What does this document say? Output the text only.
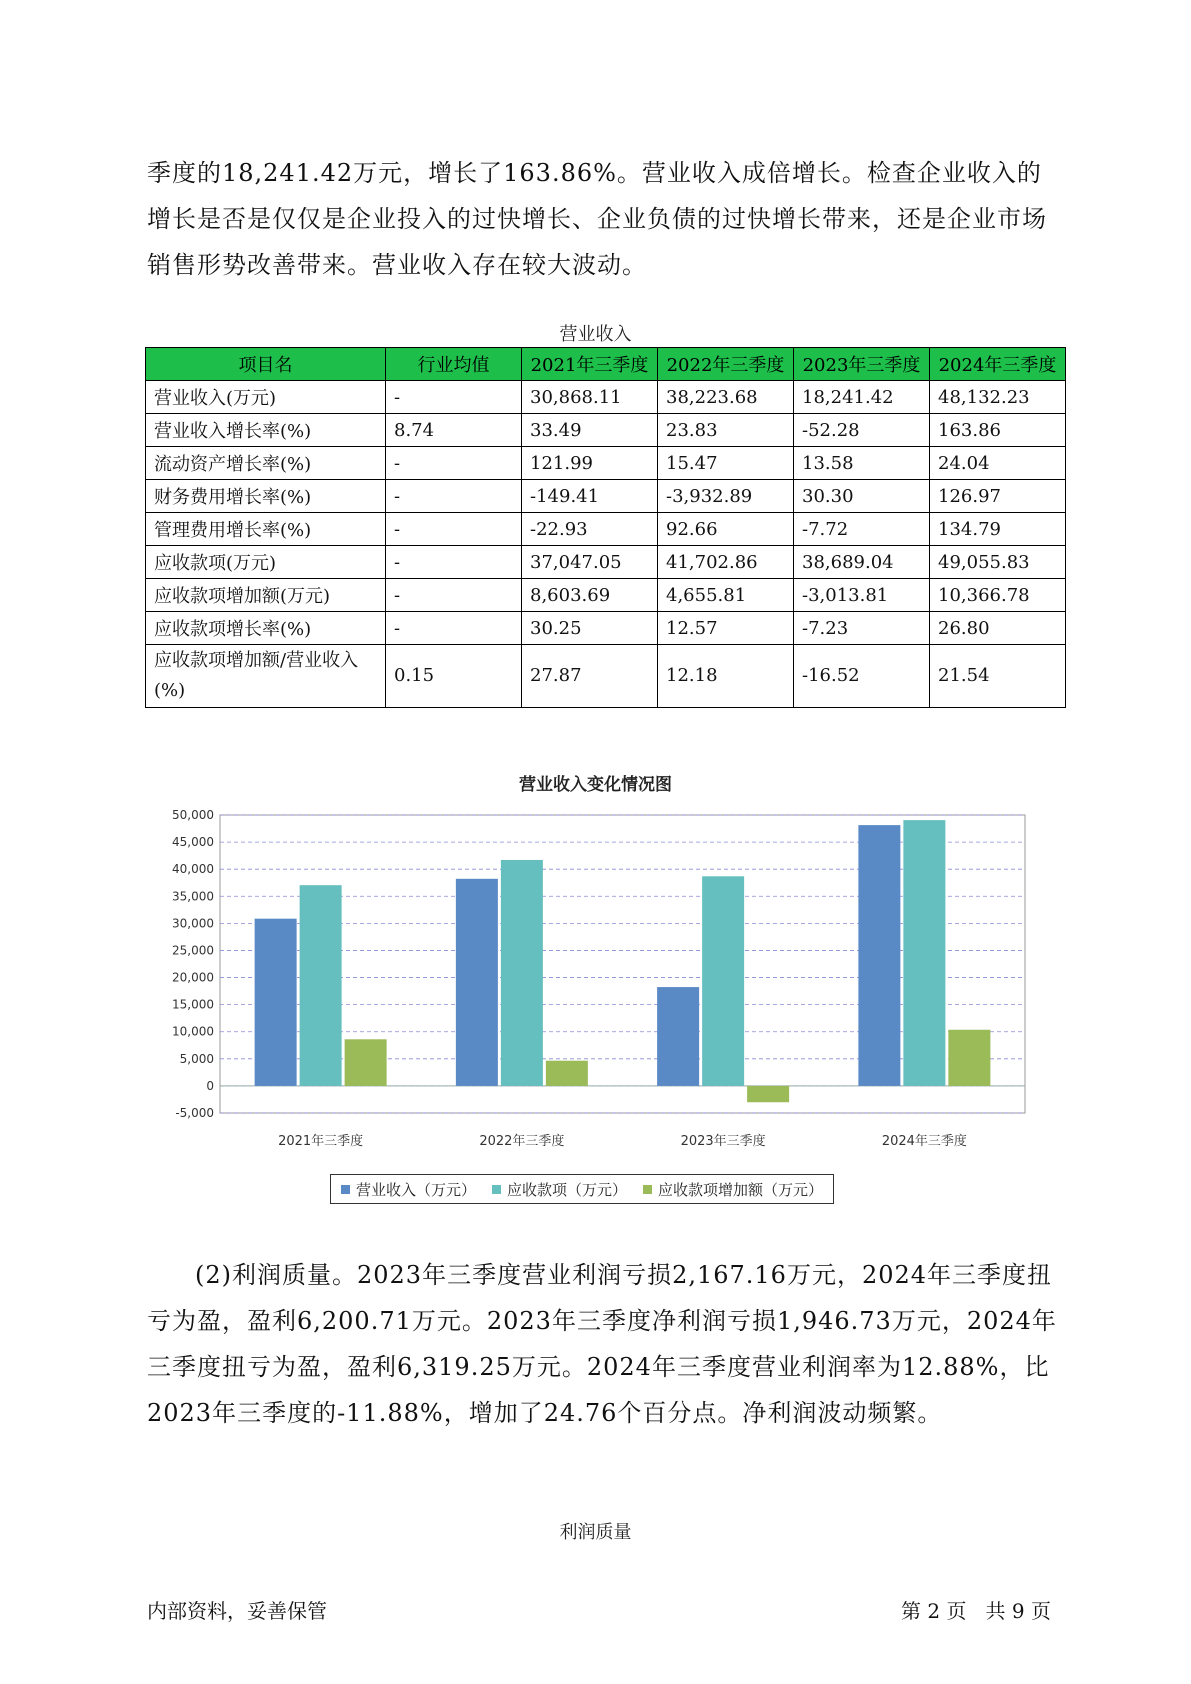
季度的18,241.42万元，增长了163.86%。营业收入成倍增长。检查企业收入的增长是否是仅仅是企业投入的过快增长、企业负债的过快增长带来，还是企业市场销售形势改善带来。营业收入存在较大波动。

营业收入
项目名	行业均值	2021年三季度	2022年三季度	2023年三季度	2024年三季度
营业收入(万元)	-	30,868.11	38,223.68	18,241.42	48,132.23
营业收入增长率(%)	8.74	33.49	23.83	-52.28	163.86
流动资产增长率(%)	-	121.99	15.47	13.58	24.04
财务费用增长率(%)	-	-149.41	-3,932.89	30.30	126.97
管理费用增长率(%)	-	-22.93	92.66	-7.72	134.79
应收款项(万元)	-	37,047.05	41,702.86	38,689.04	49,055.83
应收款项增加额(万元)	-	8,603.69	4,655.81	-3,013.81	10,366.78
应收款项增长率(%)	-	30.25	12.57	-7.23	26.80
应收款项增加额/营业收入(%)	0.15	27.87	12.18	-16.52	21.54
营业收入变化情况图
-5,000
0
5,000
10,000
15,000
20,000
25,000
30,000
35,000
40,000
45,000
50,000
2021年三季度	2022年三季度	2023年三季度	2024年三季度
营业收入（万元） 应收款项（万元） 应收款项增加额（万元）

(2)利润质量。2023年三季度营业利润亏损2,167.16万元，2024年三季度扭亏为盈，盈利6,200.71万元。2023年三季度净利润亏损1,946.73万元，2024年三季度扭亏为盈，盈利6,319.25万元。2024年三季度营业利润率为12.88%，比2023年三季度的-11.88%，增加了24.76个百分点。净利润波动频繁。

利润质量
内部资料，妥善保管	第 2 页   共 9 页
